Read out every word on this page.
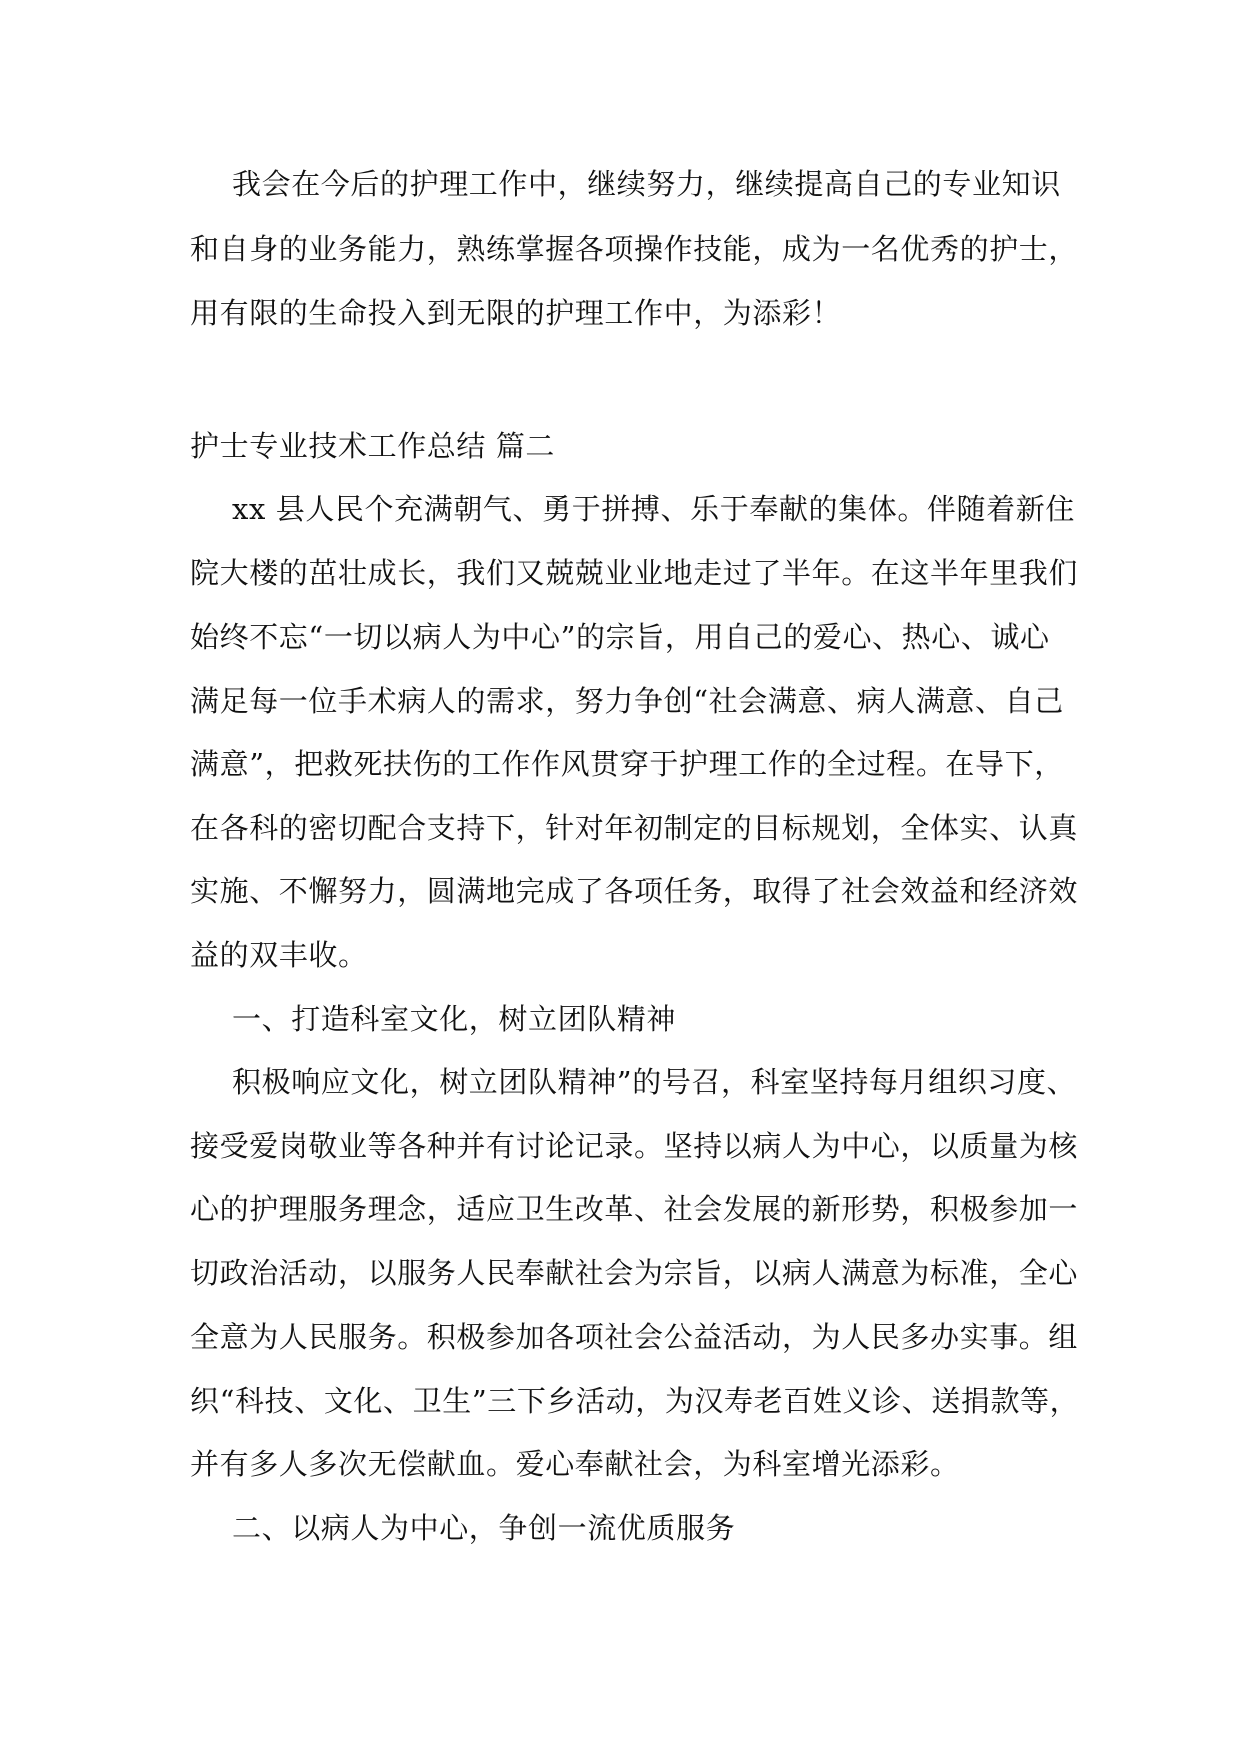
我会在今后的护理工作中，继续努力，继续提高自己的专业知识
和自身的业务能力，熟练掌握各项操作技能，成为一名优秀的护士，
用有限的生命投入到无限的护理工作中，为添彩！
护士专业技术工作总结 篇二
xx 县人民个充满朝气、勇于拼搏、乐于奉献的集体。伴随着新住
院大楼的茁壮成长，我们又兢兢业业地走过了半年。在这半年里我们
始终不忘“一切以病人为中心”的宗旨，用自己的爱心、热心、诚心
满足每一位手术病人的需求，努力争创“社会满意、病人满意、自己
满意”，把救死扶伤的工作作风贯穿于护理工作的全过程。在导下，
在各科的密切配合支持下，针对年初制定的目标规划，全体实、认真
实施、不懈努力，圆满地完成了各项任务，取得了社会效益和经济效
益的双丰收。
一、打造科室文化，树立团队精神
积极响应文化，树立团队精神”的号召，科室坚持每月组织习度、
接受爱岗敬业等各种并有讨论记录。坚持以病人为中心，以质量为核
心的护理服务理念，适应卫生改革、社会发展的新形势，积极参加一
切政治活动，以服务人民奉献社会为宗旨，以病人满意为标准，全心
全意为人民服务。积极参加各项社会公益活动，为人民多办实事。组
织“科技、文化、卫生”三下乡活动，为汉寿老百姓义诊、送捐款等，
并有多人多次无偿献血。爱心奉献社会，为科室增光添彩。
二、以病人为中心，争创一流优质服务
